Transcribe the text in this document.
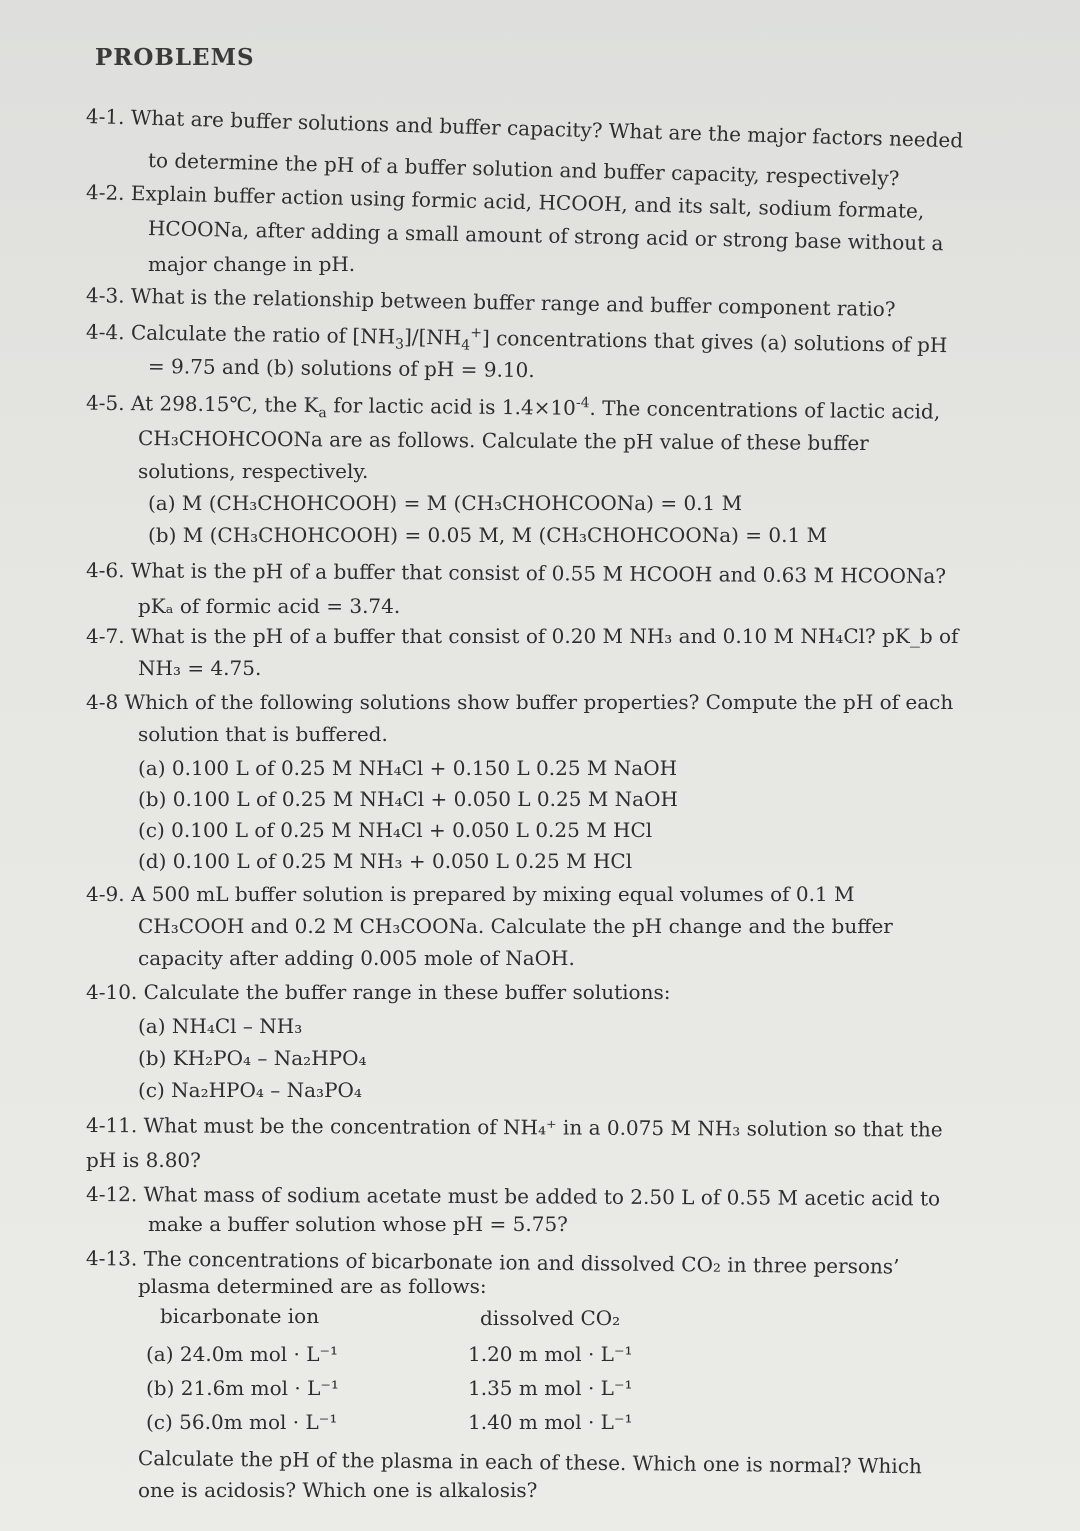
PROBLEMS
4-1. What are buffer solutions and buffer capacity? What are the major factors needed
to determine the pH of a buffer solution and buffer capacity, respectively?
4-2. Explain buffer action using formic acid, HCOOH, and its salt, sodium formate,
HCOONa, after adding a small amount of strong acid or strong base without a
major change in pH.
4-3. What is the relationship between buffer range and buffer component ratio?
4-4. Calculate the ratio of $[NH_3]/[NH_4^+]$ concentrations that gives (a) solutions of pH
= 9.75 and (b) solutions of pH = 9.10.
4-5. At 298.15℃, the $K_a$ for lactic acid is $1.4\times 10^{-4}$. The concentrations of lactic acid,
CH₃CHOHCOONa are as follows. Calculate the pH value of these buffer
solutions, respectively.
(a) M (CH₃CHOHCOOH) = M (CH₃CHOHCOONa) = 0.1 M
(b) M (CH₃CHOHCOOH) = 0.05 M, M (CH₃CHOHCOONa) = 0.1 M
4-6. What is the pH of a buffer that consist of 0.55 M HCOOH and 0.63 M HCOONa?
pKₐ of formic acid = 3.74.
4-7. What is the pH of a buffer that consist of 0.20 M NH₃ and 0.10 M NH₄Cl? pK_b of
NH₃ = 4.75.
4-8 Which of the following solutions show buffer properties? Compute the pH of each
solution that is buffered.
(a) 0.100 L of 0.25 M NH₄Cl + 0.150 L 0.25 M NaOH
(b) 0.100 L of 0.25 M NH₄Cl + 0.050 L 0.25 M NaOH
(c) 0.100 L of 0.25 M NH₄Cl + 0.050 L 0.25 M HCl
(d) 0.100 L of 0.25 M NH₃ + 0.050 L 0.25 M HCl
4-9. A 500 mL buffer solution is prepared by mixing equal volumes of 0.1 M
CH₃COOH and 0.2 M CH₃COONa. Calculate the pH change and the buffer
capacity after adding 0.005 mole of NaOH.
4-10. Calculate the buffer range in these buffer solutions:
(a) NH₄Cl – NH₃
(b) KH₂PO₄ – Na₂HPO₄
(c) Na₂HPO₄ – Na₃PO₄
4-11. What must be the concentration of NH₄⁺ in a 0.075 M NH₃ solution so that the
pH is 8.80?
4-12. What mass of sodium acetate must be added to 2.50 L of 0.55 M acetic acid to
make a buffer solution whose pH = 5.75?
4-13. The concentrations of bicarbonate ion and dissolved CO₂ in three persons’
plasma determined are as follows:
bicarbonate ion	dissolved CO₂
(a) 24.0m mol · L⁻¹	1.20 m mol · L⁻¹
(b) 21.6m mol · L⁻¹	1.35 m mol · L⁻¹
(c) 56.0m mol · L⁻¹	1.40 m mol · L⁻¹
Calculate the pH of the plasma in each of these. Which one is normal? Which
one is acidosis? Which one is alkalosis?
